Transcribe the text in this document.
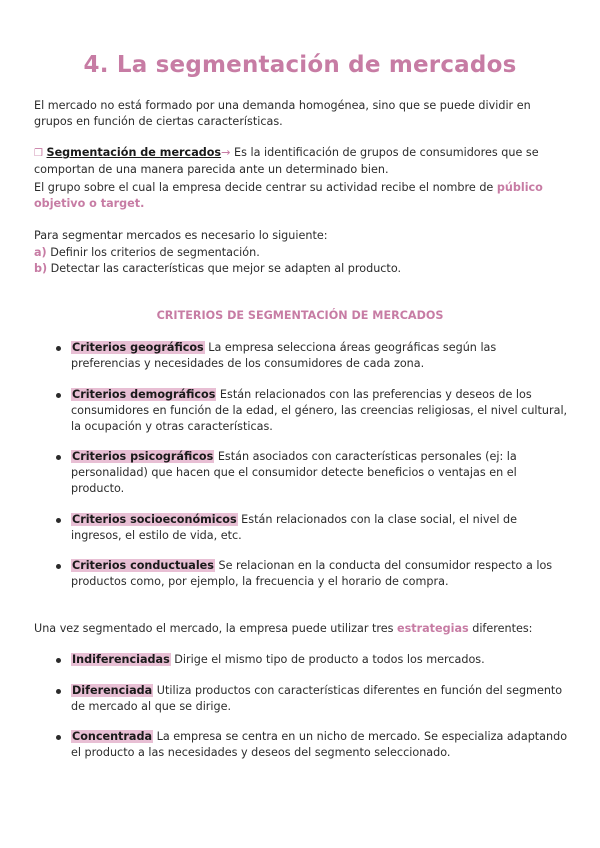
4. La segmentación de mercados

El mercado no está formado por una demanda homogénea, sino que se puede dividir en grupos en función de ciertas características.

❒ Segmentación de mercados→ Es la identificación de grupos de consumidores que se comportan de una manera parecida ante un determinado bien.

El grupo sobre el cual la empresa decide centrar su actividad recibe el nombre de público objetivo o target.

Para segmentar mercados es necesario lo siguiente:

a) Definir los criterios de segmentación.

b) Detectar las características que mejor se adapten al producto.

CRITERIOS DE SEGMENTACIÓN DE MERCADOS
Criterios geográficos La empresa selecciona áreas geográficas según las preferencias y necesidades de los consumidores de cada zona.
Criterios demográficos Están relacionados con las preferencias y deseos de los consumidores en función de la edad, el género, las creencias religiosas, el nivel cultural, la ocupación y otras características.
Criterios psicográficos Están asociados con características personales (ej: la personalidad) que hacen que el consumidor detecte beneficios o ventajas en el producto.
Criterios socioeconómicos Están relacionados con la clase social, el nivel de ingresos, el estilo de vida, etc.
Criterios conductuales Se relacionan en la conducta del consumidor respecto a los productos como, por ejemplo, la frecuencia y el horario de compra.

Una vez segmentado el mercado, la empresa puede utilizar tres estrategias diferentes:

Indiferenciadas Dirige el mismo tipo de producto a todos los mercados.
Diferenciada Utiliza productos con características diferentes en función del segmento de mercado al que se dirige.
Concentrada La empresa se centra en un nicho de mercado. Se especializa adaptando el producto a las necesidades y deseos del segmento seleccionado.
